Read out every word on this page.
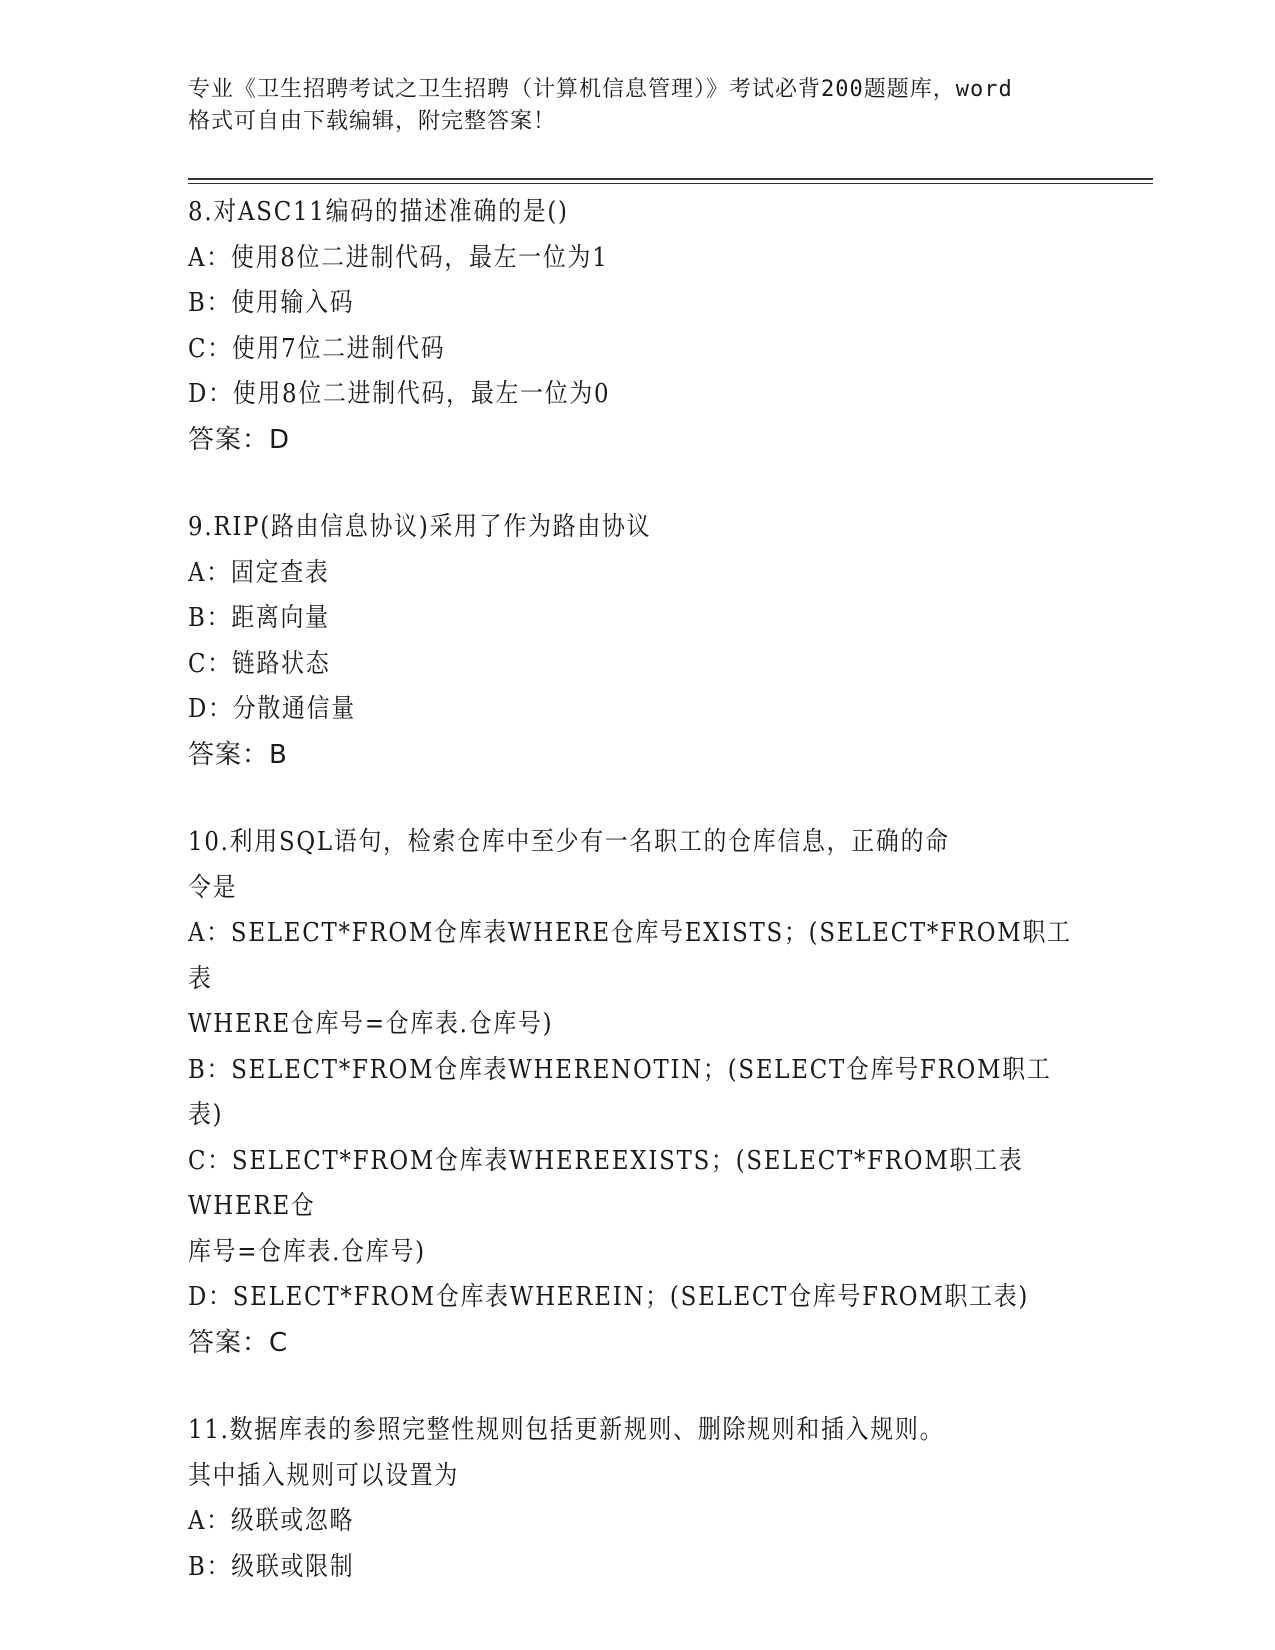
专业《卫生招聘考试之卫生招聘（计算机信息管理）》考试必背200题题库，word
格式可自由下载编辑，附完整答案！
8.对ASC11编码的描述准确的是()
A：使用8位二进制代码，最左一位为1
B：使用输入码
C：使用7位二进制代码
D：使用8位二进制代码，最左一位为0
答案：D
9.RIP(路由信息协议)采用了作为路由协议
A：固定查表
B：距离向量
C：链路状态
D：分散通信量
答案：B
10.利用SQL语句，检索仓库中至少有一名职工的仓库信息，正确的命
令是
A：SELECT*FROM仓库表WHERE仓库号EXISTS；(SELECT*FROM职工表
WHERE仓库号=仓库表.仓库号)
B：SELECT*FROM仓库表WHERENOTIN；(SELECT仓库号FROM职工表)
C：SELECT*FROM仓库表WHEREEXISTS；(SELECT*FROM职工表WHERE仓
库号=仓库表.仓库号)
D：SELECT*FROM仓库表WHEREIN；(SELECT仓库号FROM职工表)
答案：C
11.数据库表的参照完整性规则包括更新规则、删除规则和插入规则。
其中插入规则可以设置为
A：级联或忽略
B：级联或限制
